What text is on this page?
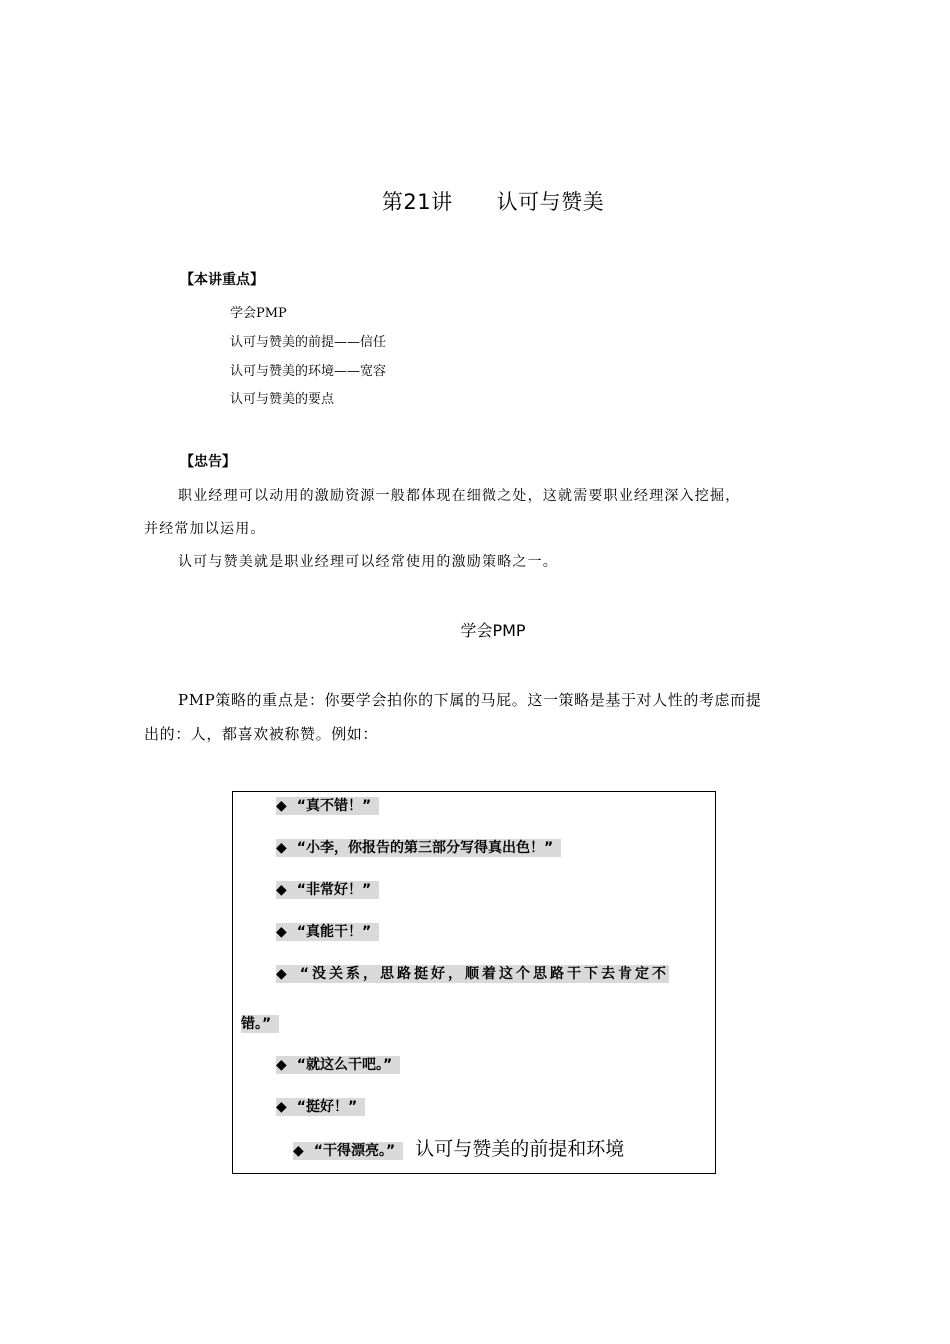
第21讲 认可与赞美
【本讲重点】
学会PMP
认可与赞美的前提——信任
认可与赞美的环境——宽容
认可与赞美的要点
【忠告】
职业经理可以动用的激励资源一般都体现在细微之处，这就需要职业经理深入挖掘，
并经常加以运用。
认可与赞美就是职业经理可以经常使用的激励策略之一。
学会PMP
PMP策略的重点是：你要学会拍你的下属的马屁。这一策略是基于对人性的考虑而提
出的：人，都喜欢被称赞。例如：
◆ “真不错！”
◆ “小李，你报告的第三部分写得真出色！”
◆ “非常好！”
◆ “真能干！”
◆ “没关系，思路挺好，顺着这个思路干下去肯定不
错。”
◆ “就这么干吧。”
◆ “挺好！”
◆ “干得漂亮。” 认可与赞美的前提和环境
